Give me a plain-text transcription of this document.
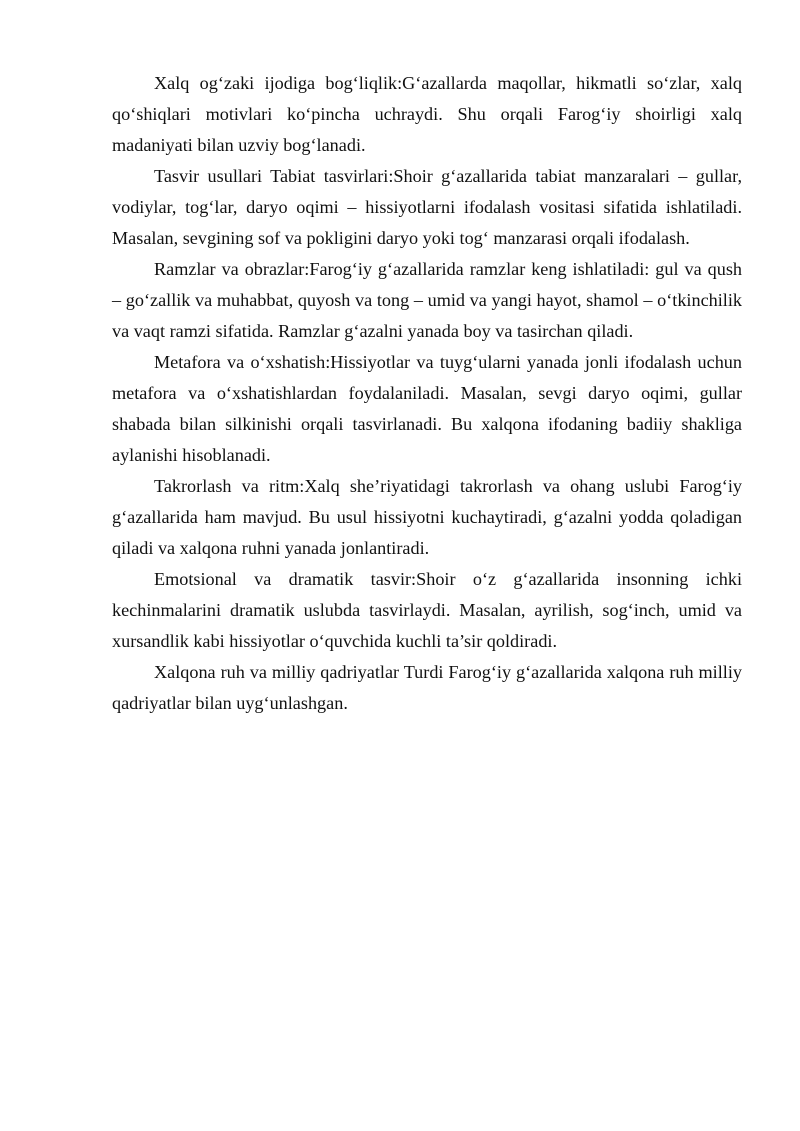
Xalq og‘zaki ijodiga bog‘liqlik:G‘azallarda maqollar, hikmatli so‘zlar, xalq qo‘shiqlari motivlari ko‘pincha uchraydi. Shu orqali Farog‘iy shoirligi xalq madaniyati bilan uzviy bog‘lanadi.

Tasvir usullari Tabiat tasvirlari:Shoir g‘azallarida tabiat manzaralari – gullar, vodiylar, tog‘lar, daryo oqimi – hissiyotlarni ifodalash vositasi sifatida ishlatiladi. Masalan, sevgining sof va pokligini daryo yoki tog‘ manzarasi orqali ifodalash.

Ramzlar va obrazlar:Farog‘iy g‘azallarida ramzlar keng ishlatiladi: gul va qush – go‘zallik va muhabbat, quyosh va tong – umid va yangi hayot, shamol – o‘tkinchilik va vaqt ramzi sifatida. Ramzlar g‘azalni yanada boy va tasirchan qiladi.

Metafora va o‘xshatish:Hissiyotlar va tuyg‘ularni yanada jonli ifodalash uchun metafora va o‘xshatishlardan foydalaniladi. Masalan, sevgi daryo oqimi, gullar shabada bilan silkinishi orqali tasvirlanadi. Bu xalqona ifodaning badiiy shakliga aylanishi hisoblanadi.

Takrorlash va ritm:Xalq she’riyatidagi takrorlash va ohang uslubi Farog‘iy g‘azallarida ham mavjud. Bu usul hissiyotni kuchaytiradi, g‘azalni yodda qoladigan qiladi va xalqona ruhni yanada jonlantiradi.

Emotsional va dramatik tasvir:Shoir o‘z g‘azallarida insonning ichki kechinmalarini dramatik uslubda tasvirlaydi. Masalan, ayrilish, sog‘inch, umid va xursandlik kabi hissiyotlar o‘quvchida kuchli ta’sir qoldiradi.

Xalqona ruh va milliy qadriyatlar Turdi Farog‘iy g‘azallarida xalqona ruh milliy qadriyatlar bilan uyg‘unlashgan.
